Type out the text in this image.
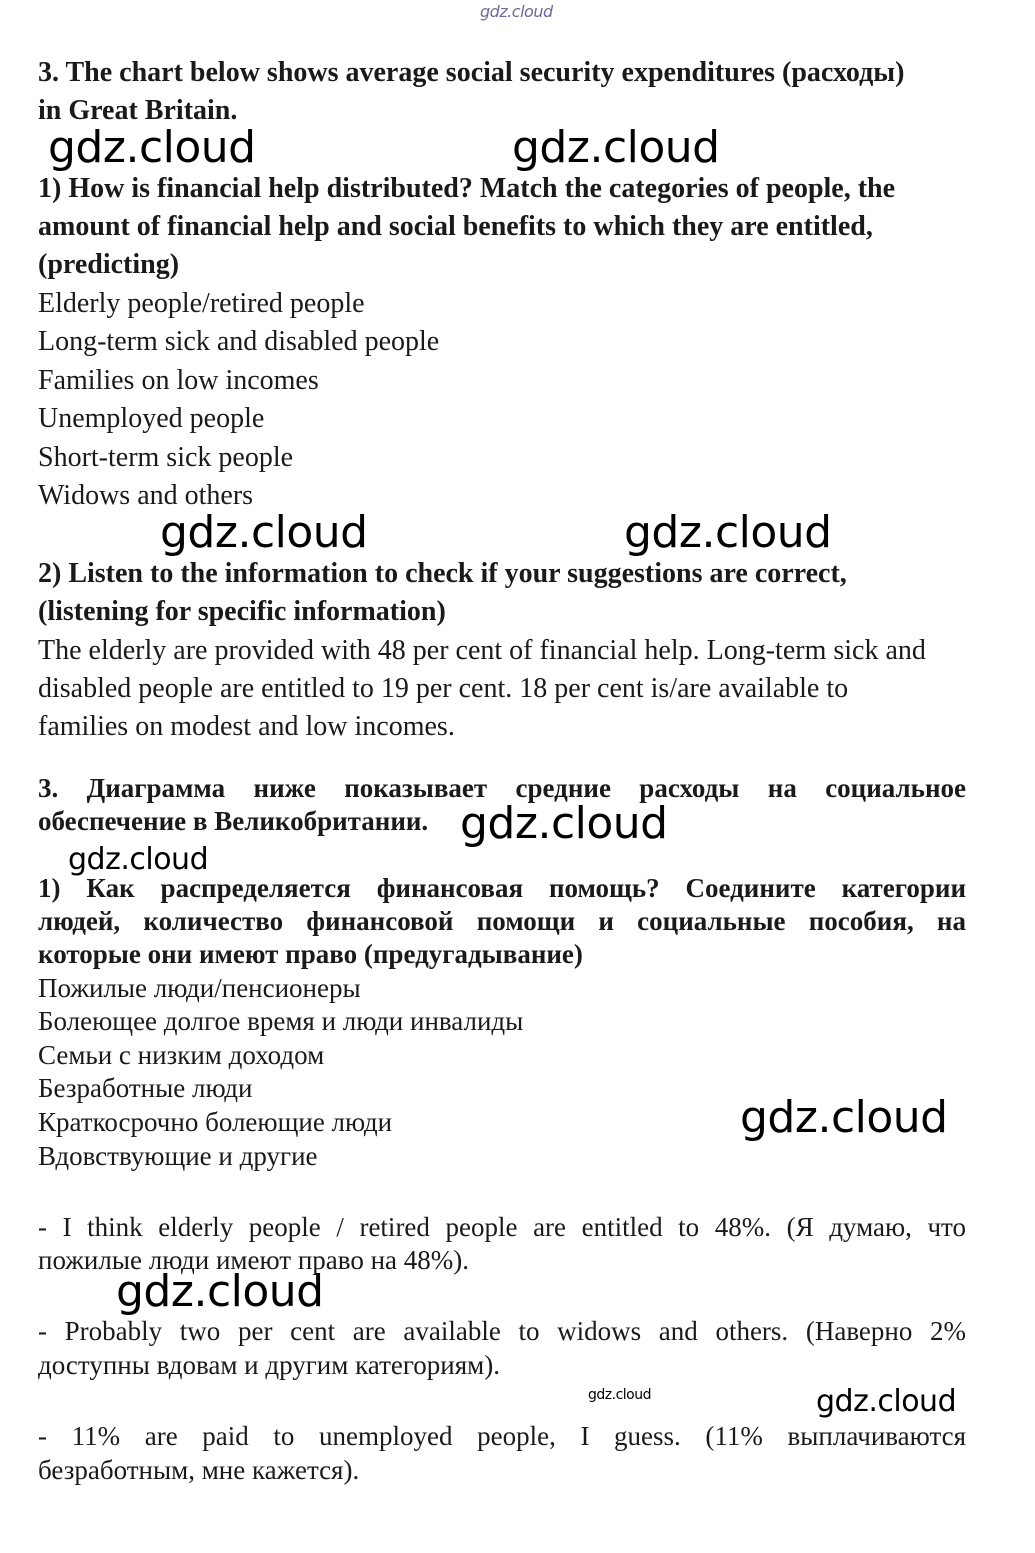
gdz.cloud
3. The chart below shows average social security expenditures (расходы)
in Great Britain.
gdz.cloud	gdz.cloud
1) How is financial help distributed? Match the categories of people, the
amount of financial help and social benefits to which they are entitled,
(predicting)
Elderly people/retired people
Long-term sick and disabled people
Families on low incomes
Unemployed people
Short-term sick people
Widows and others
gdz.cloud	gdz.cloud
2) Listen to the information to check if your suggestions are correct,
(listening for specific information)
The elderly are provided with 48 per cent of financial help. Long-term sick and
disabled people are entitled to 19 per cent. 18 per cent is/are available to
families on modest and low incomes.
3. Диаграмма ниже показывает средние расходы на социальное
обеспечение в Великобритании. gdz.cloud
gdz.cloud
1) Как распределяется финансовая помощь? Соедините категории
людей, количество финансовой помощи и социальные пособия, на
которые они имеют право (предугадывание)
Пожилые люди/пенсионеры
Болеющее долгое время и люди инвалиды
Семьи с низким доходом
Безработные люди
Краткосрочно болеющие люди
Вдовствующие и другие
gdz.cloud
- I think elderly people / retired people are entitled to 48%. (Я думаю, что
пожилые люди имеют право на 48%).
gdz.cloud
- Probably two per cent are available to widows and others. (Наверно 2%
доступны вдовам и другим категориям).
gdz.cloud	gdz.cloud
- 11% are paid to unemployed people, I guess. (11% выплачиваются
безработным, мне кажется).
